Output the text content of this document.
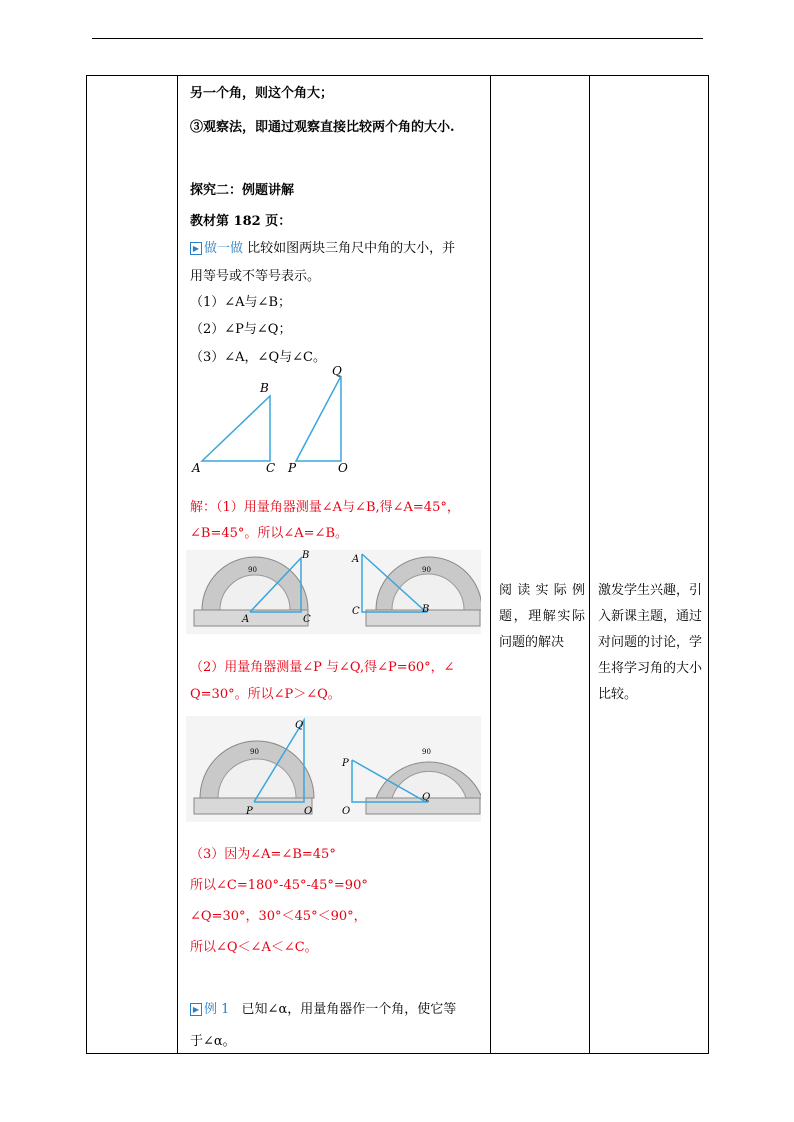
另一个角，则这个角大；
③观察法，即通过观察直接比较两个角的大小.
探究二：例题讲解
教材第 182 页：
▶ 做一做 比较如图两块三角尺中角的大小，并
用等号或不等号表示。
（1）∠A与∠B；
（2）∠P与∠Q；
（3）∠A，∠Q与∠C。
A
B
C P
Q
O
解：（1）用量角器测量∠A与∠B,得∠A=45°，
∠B=45°。所以∠A=∠B。
90
A	C
B
90
A
C	B
（2）用量角器测量∠P 与∠Q,得∠P=60°，∠
Q=30°。所以∠P＞∠Q。
90
P	O
Q
90
P
O
Q
（3）因为∠A=∠B=45°
所以∠C=180°-45°-45°=90°
∠Q=30°，30°＜45°＜90°，
所以∠Q＜∠A＜∠C。
▶ 例 1 已知∠α，用量角器作一个角，使它等
于∠α。

阅读实际例题，理解实际问题的解决

激发学生兴趣，引入新课主题，通过对问题的讨论，学生将学习角的大小比较。
